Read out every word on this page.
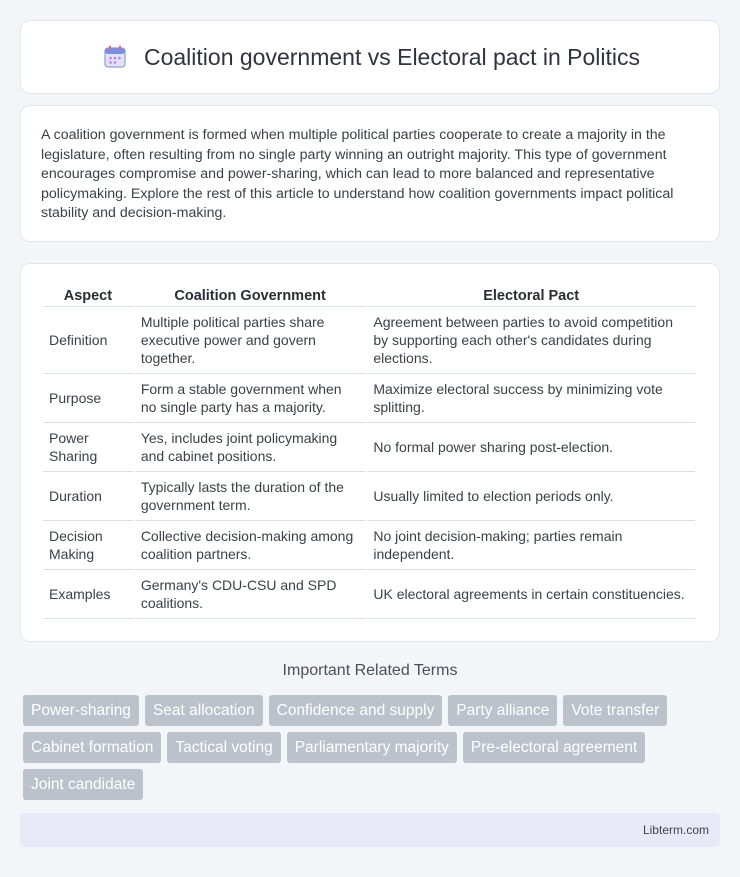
Coalition government vs Electoral pact in Politics

A coalition government is formed when multiple political parties cooperate to create a majority in the legislature, often resulting from no single party winning an outright majority. This type of government encourages compromise and power-sharing, which can lead to more balanced and representative policymaking. Explore the rest of this article to understand how coalition governments impact political stability and decision-making.

Aspect	Coalition Government	Electoral Pact
Definition	Multiple political parties share executive power and govern together.	Agreement between parties to avoid competition by supporting each other's candidates during elections.
Purpose	Form a stable government when no single party has a majority.	Maximize electoral success by minimizing vote splitting.
Power Sharing	Yes, includes joint policymaking and cabinet positions.	No formal power sharing post-election.
Duration	Typically lasts the duration of the government term.	Usually limited to election periods only.
Decision Making	Collective decision-making among coalition partners.	No joint decision-making; parties remain independent.
Examples	Germany's CDU-CSU and SPD coalitions.	UK electoral agreements in certain constituencies.
Important Related Terms
Power-sharing	Seat allocation	Confidence and supply	Party alliance	Vote transfer
Cabinet formation	Tactical voting	Parliamentary majority	Pre-electoral agreement
Joint candidate
Libterm.com
